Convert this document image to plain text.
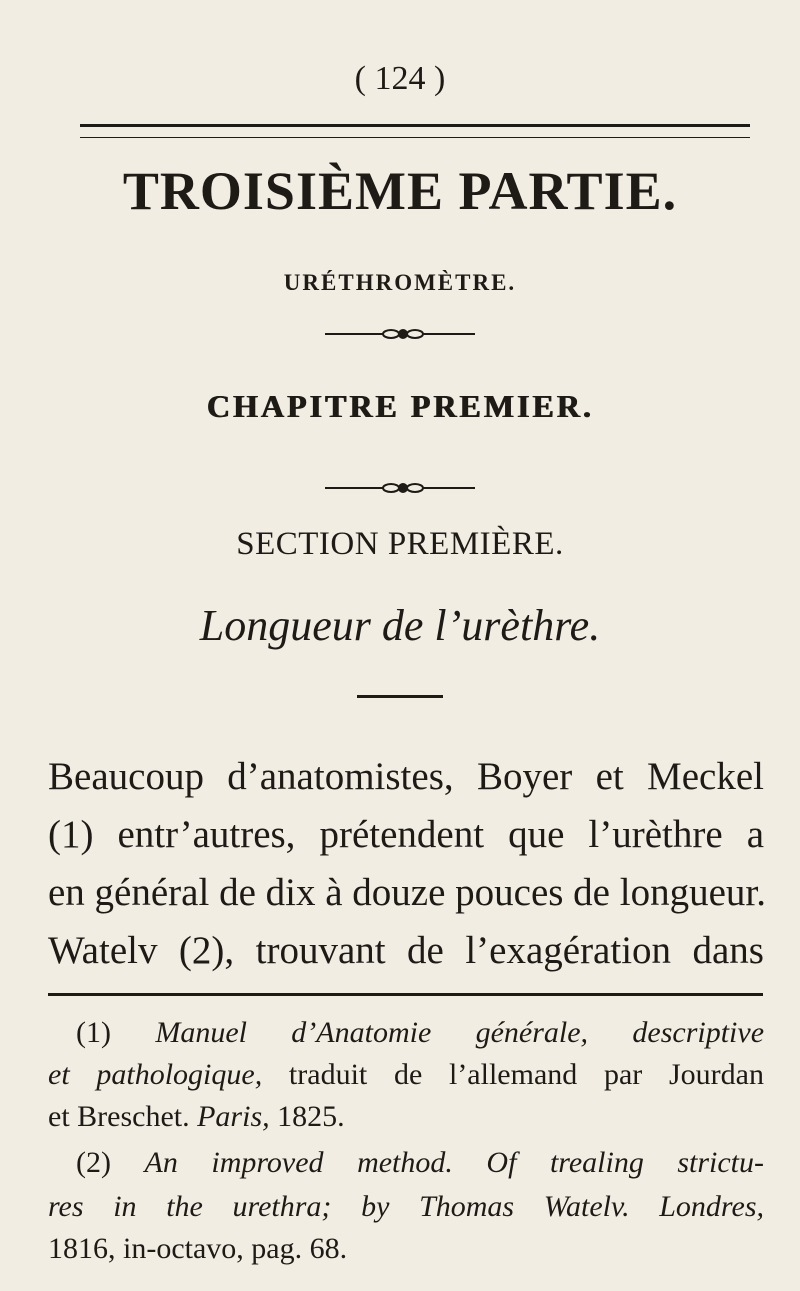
( 124 )
TROISIÈME PARTIE.
URÉTHROMÈTRE.
CHAPITRE PREMIER.
SECTION PREMIÈRE.
Longueur de l’urèthre.
Beaucoup d’anatomistes, Boyer et Meckel
(1) entr’autres, prétendent que l’urèthre a
en général de dix à douze pouces de longueur.
Watelv (2), trouvant de l’exagération dans
(1) Manuel d’Anatomie générale, descriptive
et pathologique, traduit de l’allemand par Jourdan
et Breschet. Paris, 1825.
(2) An improved method. Of trealing strictu-
res in the urethra; by Thomas Watelv. Londres,
1816, in-octavo, pag. 68.
